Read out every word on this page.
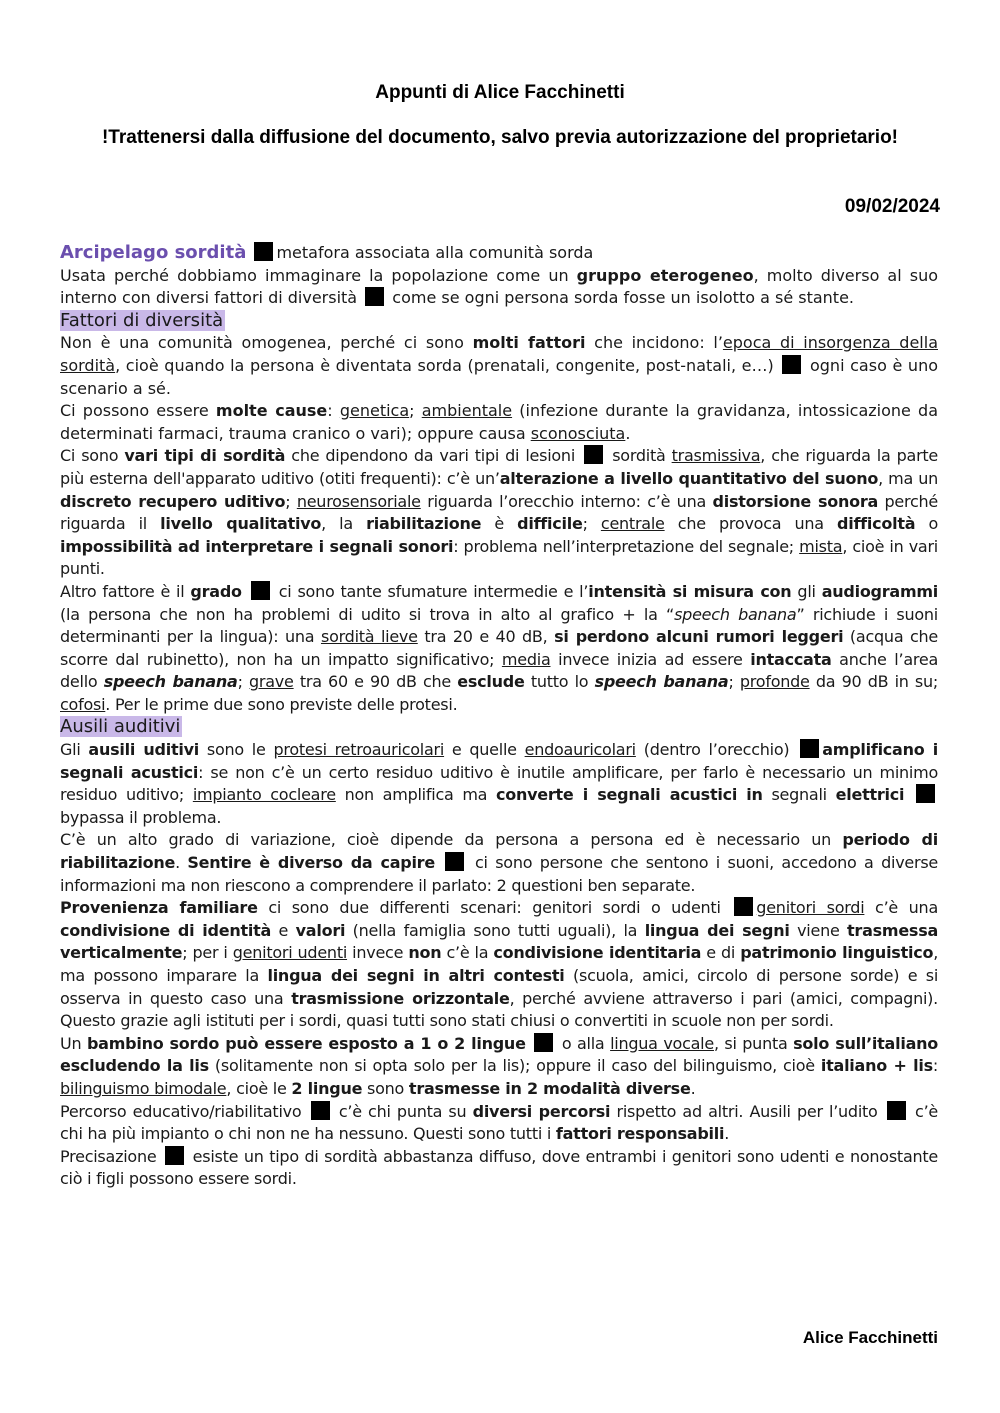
Appunti di Alice Facchinetti
!Trattenersi dalla diffusione del documento, salvo previa autorizzazione del proprietario!
09/02/2024

Arcipelago sordità metafora associata alla comunità sorda
Usata perché dobbiamo immaginare la popolazione come un gruppo eterogeneo, molto diverso al suo interno con diversi fattori di diversità  come se ogni persona sorda fosse un isolotto a sé stante.

Fattori di diversità

Non è una comunità omogenea, perché ci sono molti fattori che incidono: l’epoca di insorgenza della sordità, cioè quando la persona è diventata sorda (prenatali, congenite, post-natali, e…)  ogni caso è uno scenario a sé.

Ci possono essere molte cause: genetica; ambientale (infezione durante la gravidanza, intossicazione da determinati farmaci, trauma cranico o vari); oppure causa sconosciuta.

Ci sono vari tipi di sordità che dipendono da vari tipi di lesioni  sordità trasmissiva, che riguarda la parte più esterna dell'apparato uditivo (otiti frequenti): c’è un’alterazione a livello quantitativo del suono, ma un discreto recupero uditivo; neurosensoriale riguarda l’orecchio interno: c’è una distorsione sonora perché riguarda il livello qualitativo, la riabilitazione è difficile; centrale che provoca una difficoltà o impossibilità ad interpretare i segnali sonori: problema nell’interpretazione del segnale; mista, cioè in vari punti.

Altro fattore è il grado  ci sono tante sfumature intermedie e l’intensità si misura con gli audiogrammi (la persona che non ha problemi di udito si trova in alto al grafico + la “speech banana” richiude i suoni determinanti per la lingua): una sordità lieve tra 20 e 40 dB, si perdono alcuni rumori leggeri (acqua che scorre dal rubinetto), non ha un impatto significativo; media invece inizia ad essere intaccata anche l’area dello speech banana; grave tra 60 e 90 dB che esclude tutto lo speech banana; profonde da 90 dB in su; cofosi. Per le prime due sono previste delle protesi.

Ausili auditivi

Gli ausili uditivi sono le protesi retroauricolari e quelle endoauricolari (dentro l’orecchio) amplificano i segnali acustici: se non c’è un certo residuo uditivo è inutile amplificare, per farlo è necessario un minimo residuo uditivo; impianto cocleare non amplifica ma converte i segnali acustici in segnali elettrici  bypassa il problema.

C’è un alto grado di variazione, cioè dipende da persona a persona ed è necessario un periodo di riabilitazione. Sentire è diverso da capire  ci sono persone che sentono i suoni, accedono a diverse informazioni ma non riescono a comprendere il parlato: 2 questioni ben separate.

Provenienza familiare ci sono due differenti scenari: genitori sordi o udenti genitori sordi c’è una condivisione di identità e valori (nella famiglia sono tutti uguali), la lingua dei segni viene trasmessa verticalmente; per i genitori udenti invece non c’è la condivisione identitaria e di patrimonio linguistico, ma possono imparare la lingua dei segni in altri contesti (scuola, amici, circolo di persone sorde) e si osserva in questo caso una trasmissione orizzontale, perché avviene attraverso i pari (amici, compagni). Questo grazie agli istituti per i sordi, quasi tutti sono stati chiusi o convertiti in scuole non per sordi.

Un bambino sordo può essere esposto a 1 o 2 lingue  o alla lingua vocale, si punta solo sull’italiano escludendo la lis (solitamente non si opta solo per la lis); oppure il caso del bilinguismo, cioè italiano + lis: bilinguismo bimodale, cioè le 2 lingue sono trasmesse in 2 modalità diverse.

Percorso educativo/riabilitativo  c’è chi punta su diversi percorsi rispetto ad altri. Ausili per l’udito  c’è chi ha più impianto o chi non ne ha nessuno. Questi sono tutti i fattori responsabili.

Precisazione  esiste un tipo di sordità abbastanza diffuso, dove entrambi i genitori sono udenti e nonostante ciò i figli possono essere sordi.

Alice Facchinetti
